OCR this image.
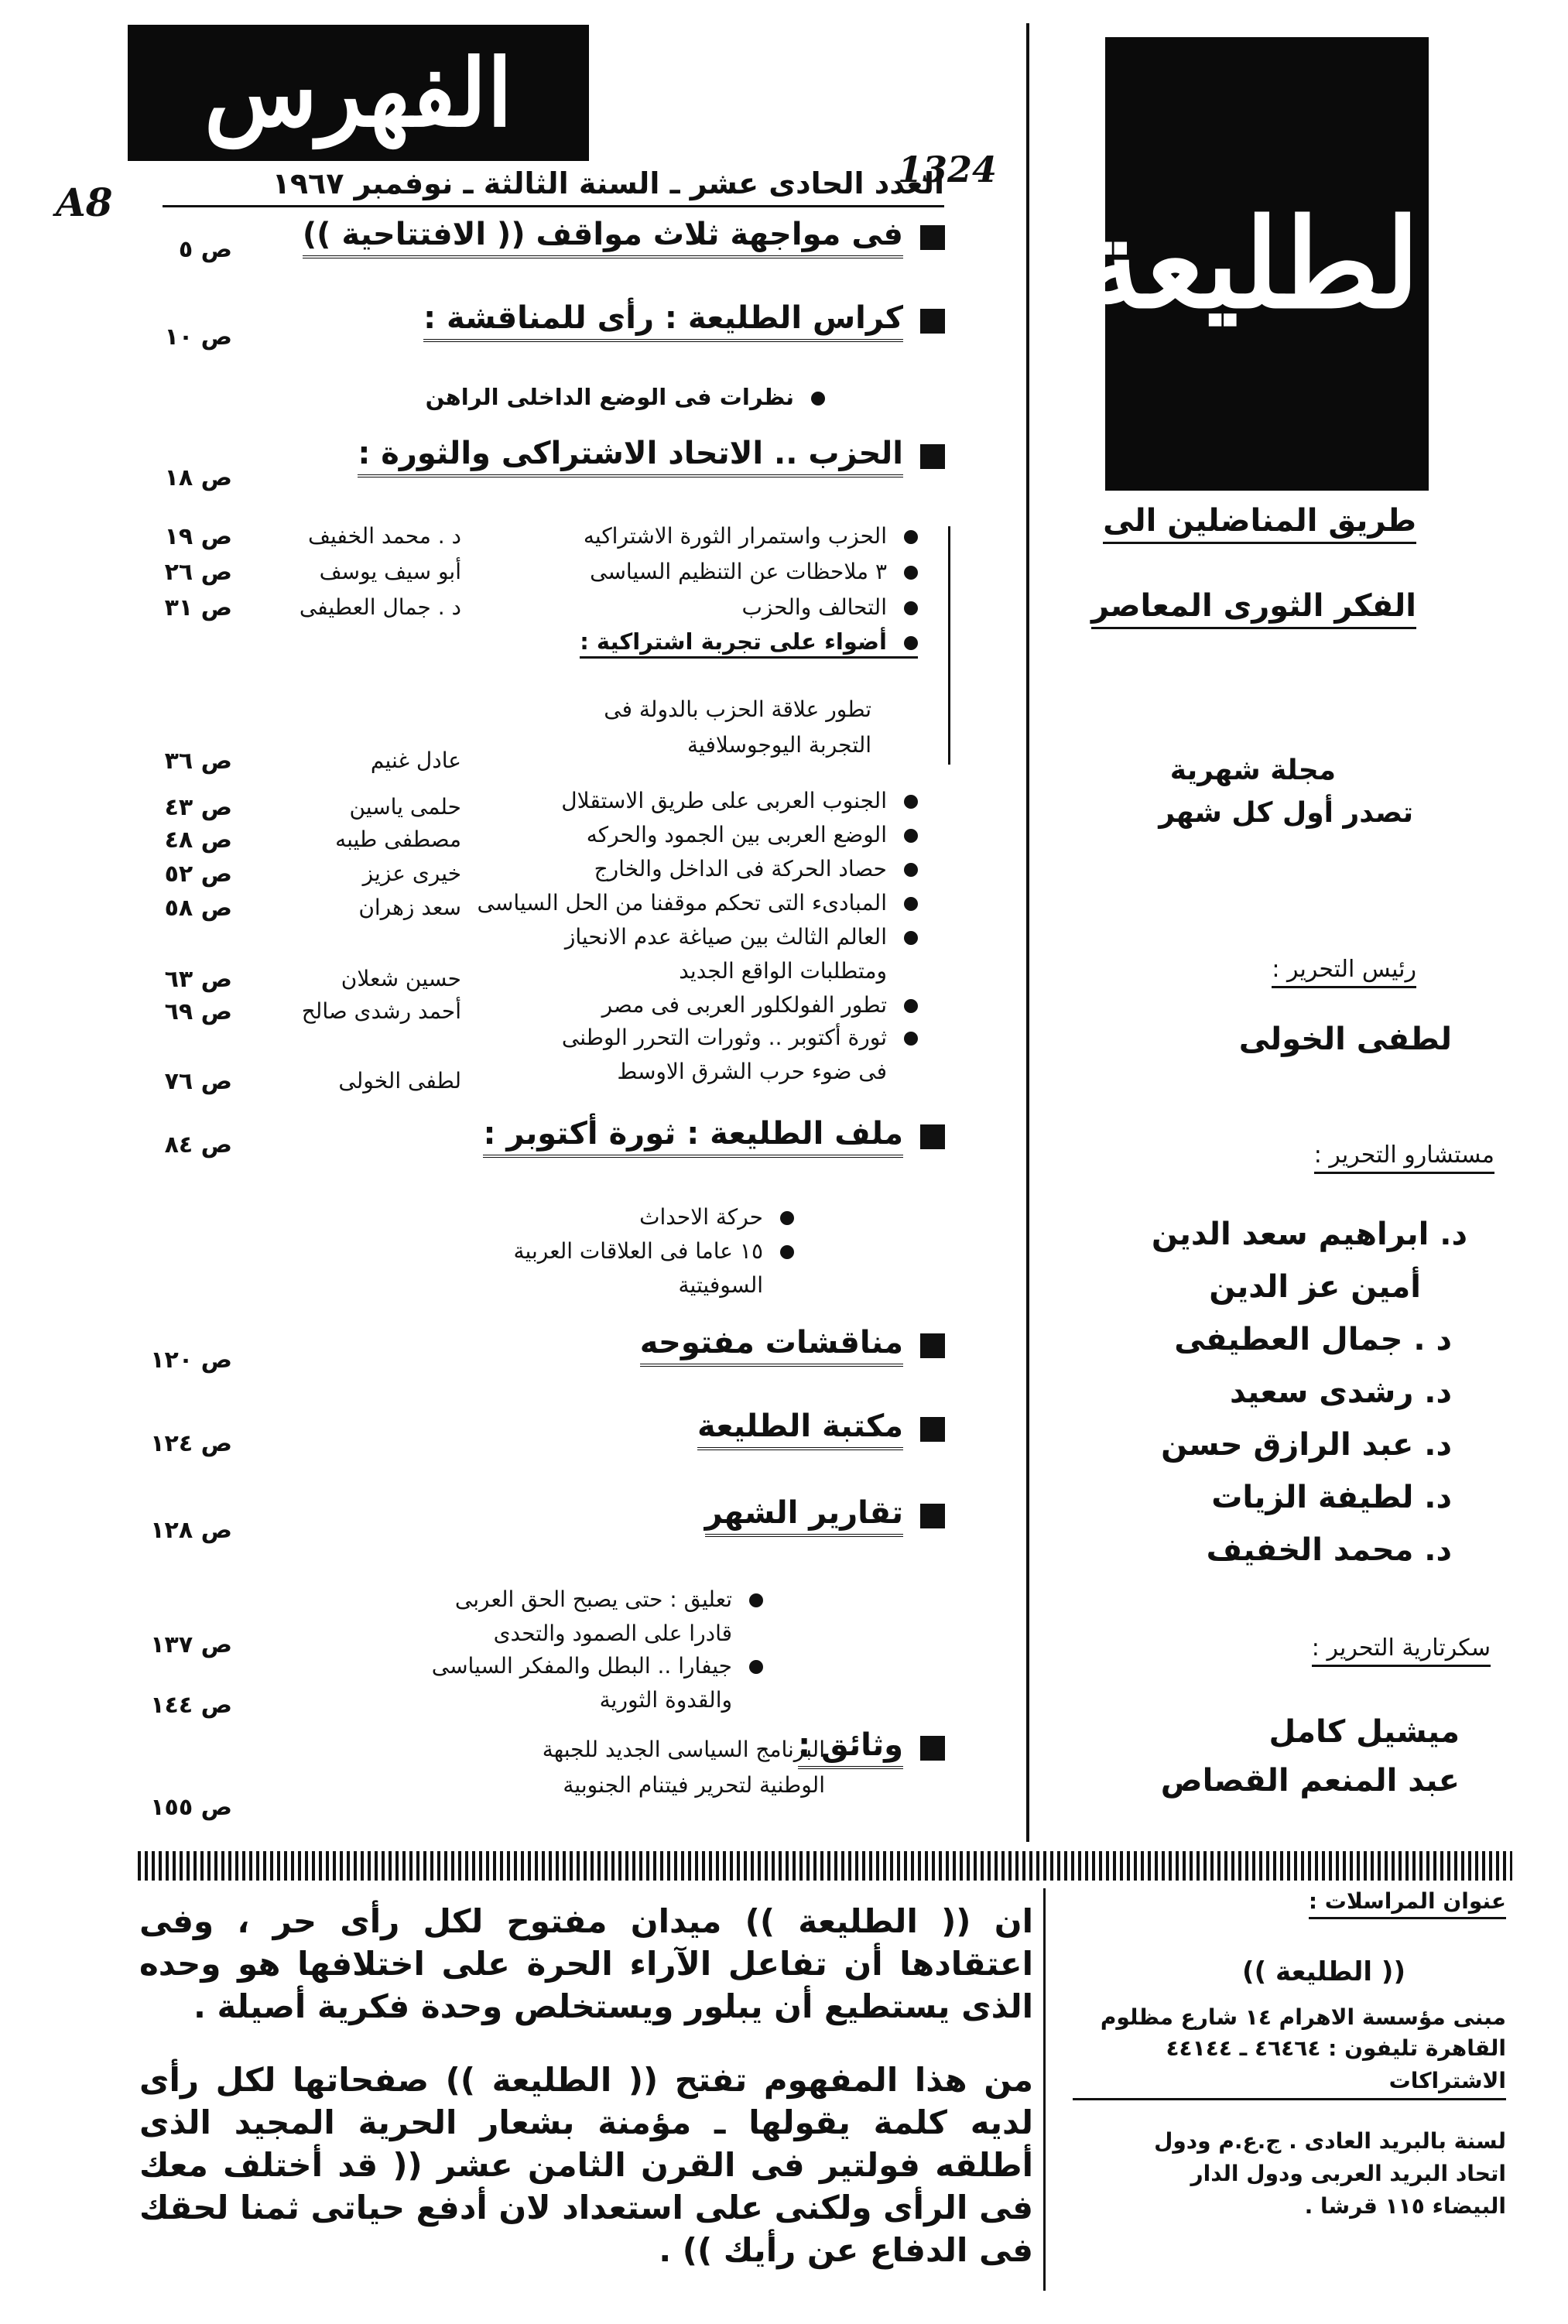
الفهرس
A8
1324
العدد الحادى عشر ـ السنة الثالثة ـ نوفمبر ١٩٦٧
فى مواجهة ثلاث مواقف (( الافتتاحية ))
ص ٥
كراس الطليعة : رأى للمناقشة :
ص ١٠
نظرات فى الوضع الداخلى الراهن
الحزب .. الاتحاد الاشتراكى والثورة :
ص ١٨
الحزب واستمرار الثورة الاشتراكيه
د . محمد الخفيف
ص ١٩
٣ ملاحظات عن التنظيم السياسى
أبو سيف يوسف
ص ٢٦
التحالف والحزب
د . جمال العطيفى
ص ٣١
أضواء على تجربة اشتراكية :
تطور علاقة الحزب بالدولة فى
التجربة اليوجوسلافية
عادل غنيم
ص ٣٦
الجنوب العربى على طريق الاستقلال
حلمى ياسين
ص ٤٣
الوضع العربى بين الجمود والحركه
مصطفى طيبه
ص ٤٨
حصاد الحركة فى الداخل والخارج
خيرى عزيز
ص ٥٢
المبادىء التى تحكم موقفنا من الحل السياسى
سعد زهران
ص ٥٨
العالم الثالث بين صياغة عدم الانحياز
ومتطلبات الواقع الجديد
حسين شعلان
ص ٦٣
تطور الفولكلور العربى فى مصر
أحمد رشدى صالح
ص ٦٩
ثورة أكتوبر .. وثورات التحرر الوطنى
فى ضوء حرب الشرق الاوسط
لطفى الخولى
ص ٧٦
ملف الطليعة : ثورة أكتوبر :
ص ٨٤
حركة الاحداث
١٥ عاما فى العلاقات العربية
السوفيتية
مناقشات مفتوحه
ص ١٢٠
مكتبة الطليعة
ص ١٢٤
تقارير الشهر
ص ١٢٨
تعليق : حتى يصبح الحق العربى
قادرا على الصمود والتحدى
ص ١٣٧
جيفارا .. البطل والمفكر السياسى
والقدوة الثورية
ص ١٤٤
وثائق :
البرنامج السياسى الجديد للجبهة
الوطنية لتحرير فيتنام الجنوبية
ص ١٥٥
الطليعة
طريق المناضلين الى
الفكر الثورى المعاصر
مجلة شهرية
تصدر أول كل شهر
رئيس التحرير :
لطفى الخولى
مستشارو التحرير :
د. ابراهيم سعد الدين
أمين عز الدين
د . جمال العطيفى
د. رشدى سعيد
د. عبد الرازق حسن
د. لطيفة الزيات
د. محمد الخفيف
سكرتارية التحرير :
ميشيل كامل
عبد المنعم القصاص
ان (( الطليعة )) ميدان مفتوح لكل رأى حر ، وفى اعتقادها أن تفاعل الآراء الحرة على اختلافها هو وحده الذى يستطيع أن يبلور ويستخلص وحدة فكرية أصيلة .
من هذا المفهوم تفتح (( الطليعة )) صفحاتها لكل رأى لديه كلمة يقولها ـ مؤمنة بشعار الحرية المجيد الذى أطلقه فولتير فى القرن الثامن عشر (( قد أختلف معك فى الرأى ولكنى على استعداد لان أدفع حياتى ثمنا لحقك فى الدفاع عن رأيك )) .
عنوان المراسلات :
(( الطليعة ))
مبنى مؤسسة الاهرام ١٤ شارع مظلوم
القاهرة تليفون : ٤٦٤٦٤ ـ ٤٤١٤٤
الاشتراكات
لسنة بالبريد العادى . ج.ع.م ودول
اتحاد البريد العربى ودول الدار
البيضاء ١١٥ قرشا .
